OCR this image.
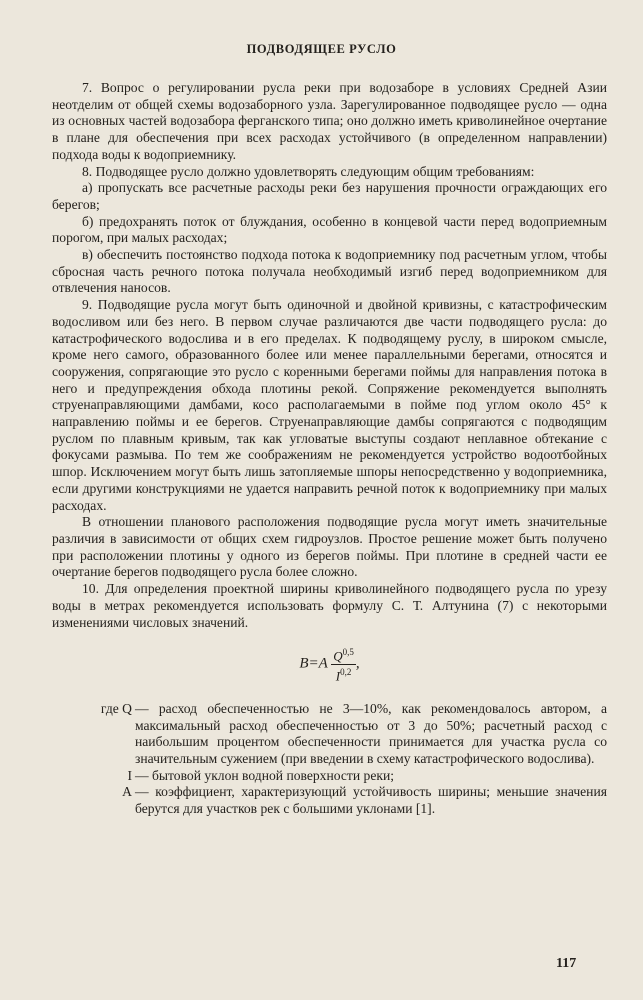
ПОДВОДЯЩЕЕ РУСЛО

7. Вопрос о регулировании русла реки при водозаборе в условиях Средней Азии неотделим от общей схемы водозаборного узла. Зарегулированное подводящее русло — одна из основных частей водозабора ферганского типа; оно должно иметь криволинейное очертание в плане для обеспечения при всех расходах устойчивого (в определенном направлении) подхода воды к водоприемнику.

8. Подводящее русло должно удовлетворять следующим общим требованиям:

а) пропускать все расчетные расходы реки без нарушения прочности ограждающих его берегов;

б) предохранять поток от блуждания, особенно в концевой части перед водоприемным порогом, при малых расходах;

в) обеспечить постоянство подхода потока к водоприемнику под расчетным углом, чтобы сбросная часть речного потока получала необходимый изгиб перед водоприемником для отвлечения наносов.

9. Подводящие русла могут быть одиночной и двойной кривизны, с катастрофическим водосливом или без него. В первом случае различаются две части подводящего русла: до катастрофического водослива и в его пределах. К подводящему руслу, в широком смысле, кроме него самого, образованного более или менее параллельными берегами, относятся и сооружения, сопрягающие это русло с коренными берегами поймы для направления потока в него и предупреждения обхода плотины рекой. Сопряжение рекомендуется выполнять струенаправляющими дамбами, косо располагаемыми в пойме под углом около 45° к направлению поймы и ее берегов. Струенаправляющие дамбы сопрягаются с подводящим руслом по плавным кривым, так как угловатые выступы создают неплавное обтекание с фокусами размыва. По тем же соображениям не рекомендуется устройство водоотбойных шпор. Исключением могут быть лишь затопляемые шпоры непосредственно у водоприемника, если другими конструкциями не удается направить речной поток к водоприемнику при малых расходах.

В отношении планового расположения подводящие русла могут иметь значительные различия в зависимости от общих схем гидроузлов. Простое решение может быть получено при расположении плотины у одного из берегов поймы. При плотине в средней части ее очертание берегов подводящего русла более сложно.

10. Для определения проектной ширины криволинейного подводящего русла по урезу воды в метрах рекомендуется использовать формулу С. Т. Алтунина (7) с некоторыми изменениями числовых значений.

$B=A \frac{Q^{0,5}}{I^{0,2}}$ ,
где Q — расход обеспеченностью не 3—10%, как рекомендовалось автором, а максимальный расход обеспеченностью от 3 до 50%; расчетный расход с наибольшим процентом обеспеченности принимается для участка русла со значительным сужением (при введении в схему катастрофического водослива).
I — бытовой уклон водной поверхности реки;
A — коэффициент, характеризующий устойчивость ширины; меньшие значения берутся для участков рек с большими уклонами [1].
117
